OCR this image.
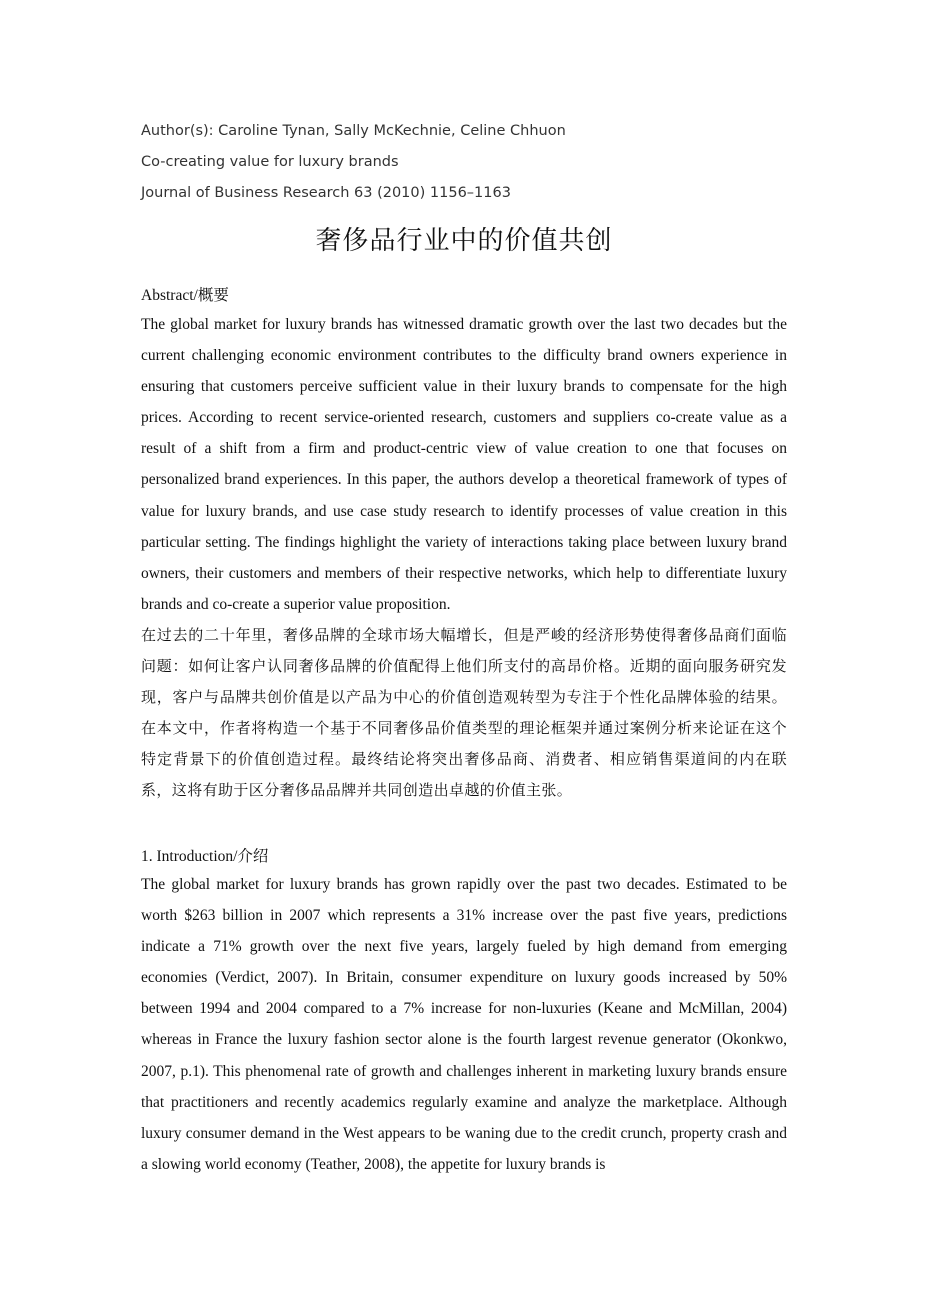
Author(s): Caroline Tynan, Sally McKechnie, Celine Chhuon
Co-creating value for luxury brands
Journal of Business Research 63 (2010) 1156–1163
奢侈品行业中的价值共创
Abstract/概要
The global market for luxury brands has witnessed dramatic growth over the last two decades but the current challenging economic environment contributes to the difficulty brand owners experience in ensuring that customers perceive sufficient value in their luxury brands to compensate for the high prices. According to recent service-oriented research, customers and suppliers co-create value as a result of a shift from a firm and product-centric view of value creation to one that focuses on personalized brand experiences. In this paper, the authors develop a theoretical framework of types of value for luxury brands, and use case study research to identify processes of value creation in this particular setting. The findings highlight the variety of interactions taking place between luxury brand owners, their customers and members of their respective networks, which help to differentiate luxury brands and co-create a superior value proposition.
在过去的二十年里，奢侈品牌的全球市场大幅增长，但是严峻的经济形势使得奢侈品商们面临问题：如何让客户认同奢侈品牌的价值配得上他们所支付的高昂价格。近期的面向服务研究发现，客户与品牌共创价值是以产品为中心的价值创造观转型为专注于个性化品牌体验的结果。在本文中，作者将构造一个基于不同奢侈品价值类型的理论框架并通过案例分析来论证在这个特定背景下的价值创造过程。最终结论将突出奢侈品商、消费者、相应销售渠道间的内在联系，这将有助于区分奢侈品品牌并共同创造出卓越的价值主张。
1. Introduction/介绍
The global market for luxury brands has grown rapidly over the past two decades. Estimated to be worth $263 billion in 2007 which represents a 31% increase over the past five years, predictions indicate a 71% growth over the next five years, largely fueled by high demand from emerging economies (Verdict, 2007). In Britain, consumer expenditure on luxury goods increased by 50% between 1994 and 2004 compared to a 7% increase for non-luxuries (Keane and McMillan, 2004) whereas in France the luxury fashion sector alone is the fourth largest revenue generator (Okonkwo, 2007, p.1). This phenomenal rate of growth and challenges inherent in marketing luxury brands ensure that practitioners and recently academics regularly examine and analyze the marketplace. Although luxury consumer demand in the West appears to be waning due to the credit crunch, property crash and a slowing world economy (Teather, 2008), the appetite for luxury brands is
